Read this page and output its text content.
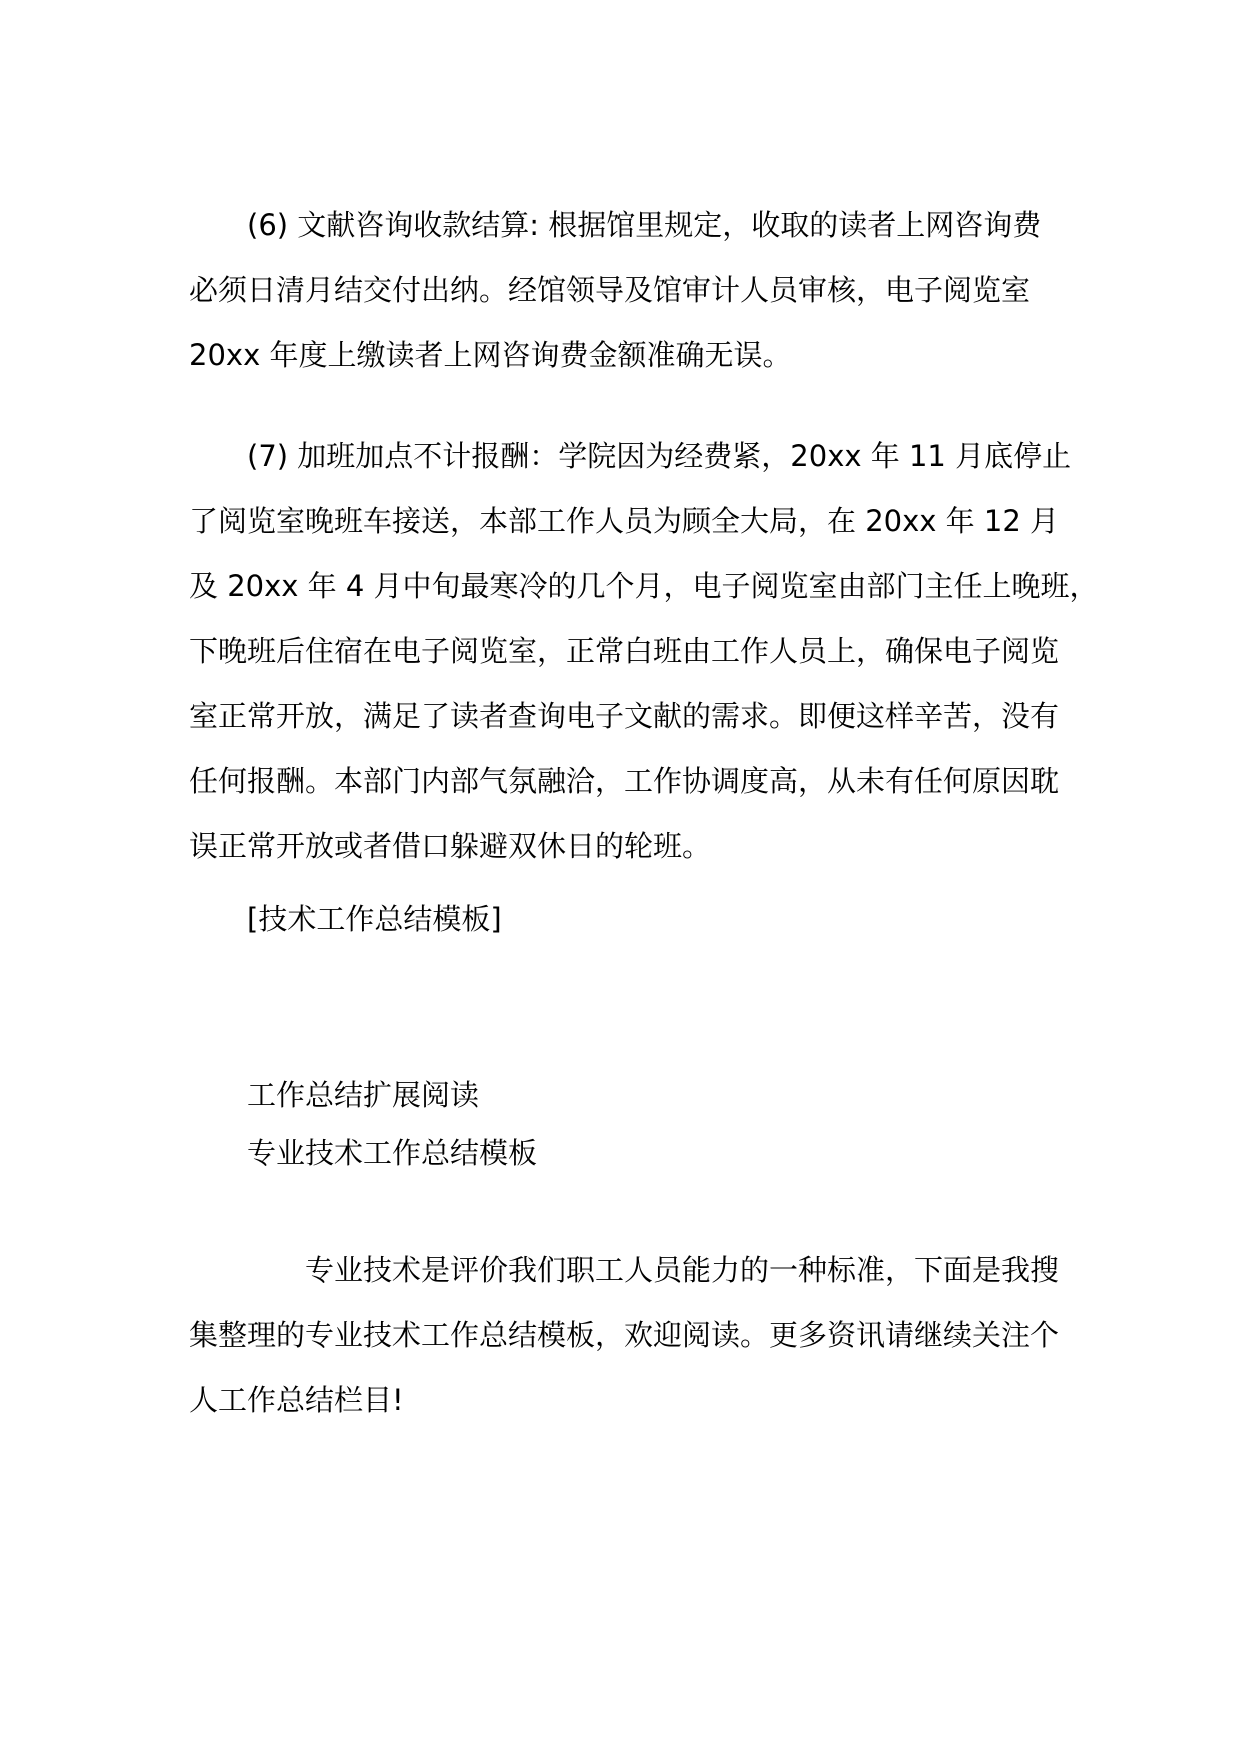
(6) 文献咨询收款结算: 根据馆里规定，收取的读者上网咨询费
必须日清月结交付出纳。经馆领导及馆审计人员审核，电子阅览室
20xx 年度上缴读者上网咨询费金额准确无误。
(7) 加班加点不计报酬：学院因为经费紧，20xx 年 11 月底停止
了阅览室晚班车接送，本部工作人员为顾全大局，在 20xx 年 12 月
及 20xx 年 4 月中旬最寒冷的几个月，电子阅览室由部门主任上晚班，
下晚班后住宿在电子阅览室，正常白班由工作人员上，确保电子阅览
室正常开放，满足了读者查询电子文献的需求。即便这样辛苦，没有
任何报酬。本部门内部气氛融洽，工作协调度高，从未有任何原因耽
误正常开放或者借口躲避双休日的轮班。
[技术工作总结模板]
工作总结扩展阅读
专业技术工作总结模板
专业技术是评价我们职工人员能力的一种标准，下面是我搜
集整理的专业技术工作总结模板，欢迎阅读。更多资讯请继续关注个
人工作总结栏目!
